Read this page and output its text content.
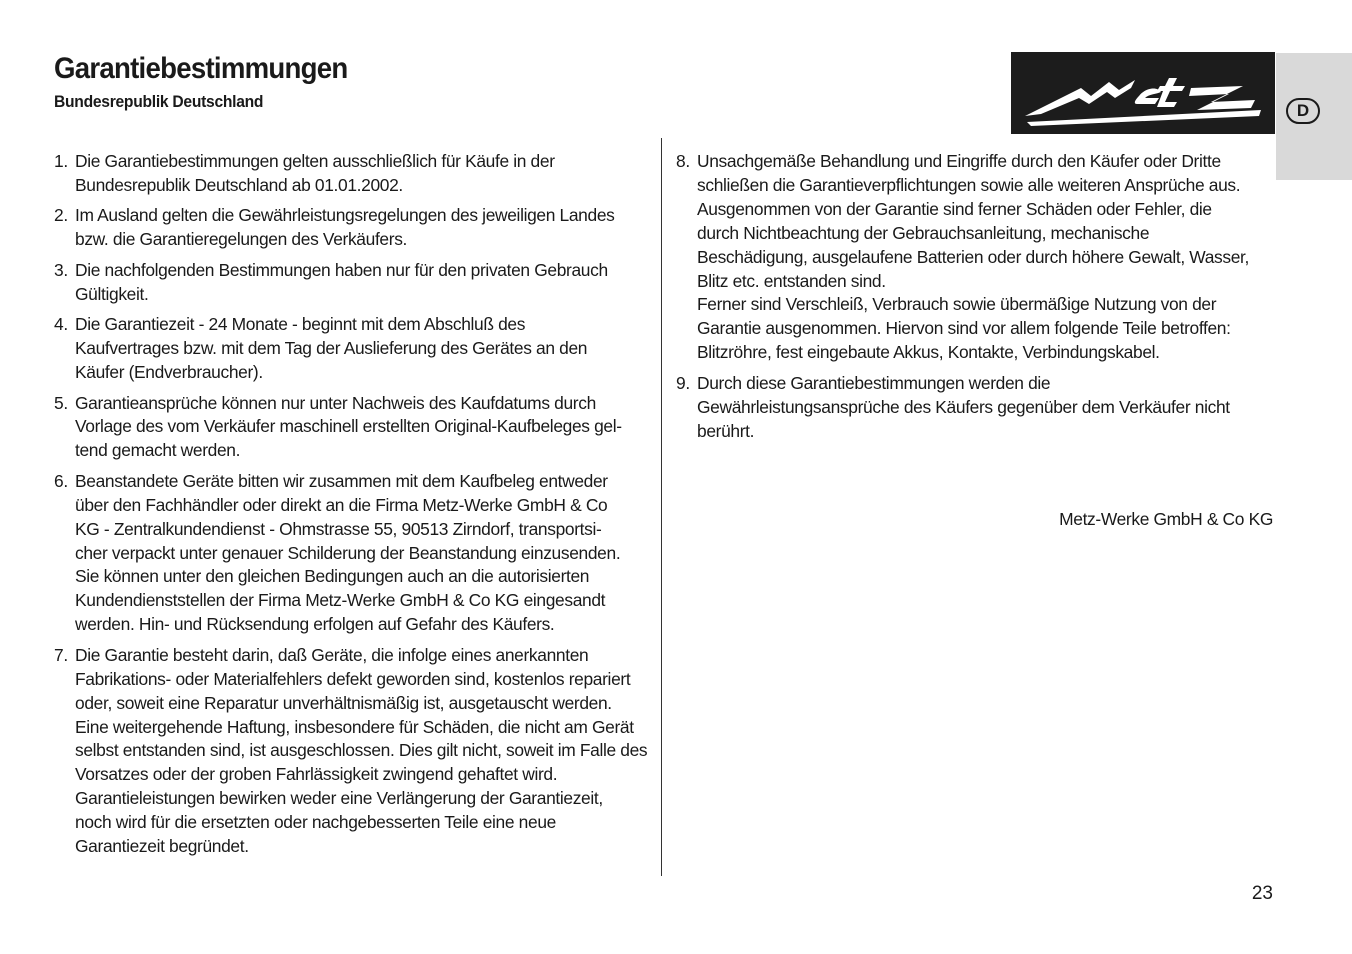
Garantiebestimmungen
Bundesrepublik Deutschland	D
1. Die Garantiebestimmungen gelten ausschließlich für Käufe in der
Bundesrepublik Deutschland ab 01.01.2002.
2. Im Ausland gelten die Gewährleistungsregelungen des jeweiligen Landes
bzw. die Garantieregelungen des Verkäufers.
3. Die nachfolgenden Bestimmungen haben nur für den privaten Gebrauch
Gültigkeit.
4. Die Garantiezeit - 24 Monate - beginnt mit dem Abschluß des
Kaufvertrages bzw. mit dem Tag der Auslieferung des Gerätes an den
Käufer (Endverbraucher).
5. Garantieansprüche können nur unter Nachweis des Kaufdatums durch
Vorlage des vom Verkäufer maschinell erstellten Original-Kaufbeleges gel-
tend gemacht werden.
6. Beanstandete Geräte bitten wir zusammen mit dem Kaufbeleg entweder
über den Fachhändler oder direkt an die Firma Metz-Werke GmbH & Co
KG - Zentralkundendienst - Ohmstrasse 55, 90513 Zirndorf, transportsi-
cher verpackt unter genauer Schilderung der Beanstandung einzusenden.
Sie können unter den gleichen Bedingungen auch an die autorisierten
Kundendienststellen der Firma Metz-Werke GmbH & Co KG eingesandt
werden. Hin- und Rücksendung erfolgen auf Gefahr des Käufers.
7. Die Garantie besteht darin, daß Geräte, die infolge eines anerkannten
Fabrikations- oder Materialfehlers defekt geworden sind, kostenlos repariert
oder, soweit eine Reparatur unverhältnismäßig ist, ausgetauscht werden.
Eine weitergehende Haftung, insbesondere für Schäden, die nicht am Gerät
selbst entstanden sind, ist ausgeschlossen. Dies gilt nicht, soweit im Falle des
Vorsatzes oder der groben Fahrlässigkeit zwingend gehaftet wird.
Garantieleistungen bewirken weder eine Verlängerung der Garantiezeit,
noch wird für die ersetzten oder nachgebesserten Teile eine neue
Garantiezeit begründet.
8. Unsachgemäße Behandlung und Eingriffe durch den Käufer oder Dritte
schließen die Garantieverpflichtungen sowie alle weiteren Ansprüche aus.
Ausgenommen von der Garantie sind ferner Schäden oder Fehler, die
durch Nichtbeachtung der Gebrauchsanleitung, mechanische
Beschädigung, ausgelaufene Batterien oder durch höhere Gewalt, Wasser,
Blitz etc. entstanden sind.
Ferner sind Verschleiß, Verbrauch sowie übermäßige Nutzung von der
Garantie ausgenommen. Hiervon sind vor allem folgende Teile betroffen:
Blitzröhre, fest eingebaute Akkus, Kontakte, Verbindungskabel.
9. Durch diese Garantiebestimmungen werden die
Gewährleistungsansprüche des Käufers gegenüber dem Verkäufer nicht
berührt.
Metz-Werke GmbH & Co KG
23
